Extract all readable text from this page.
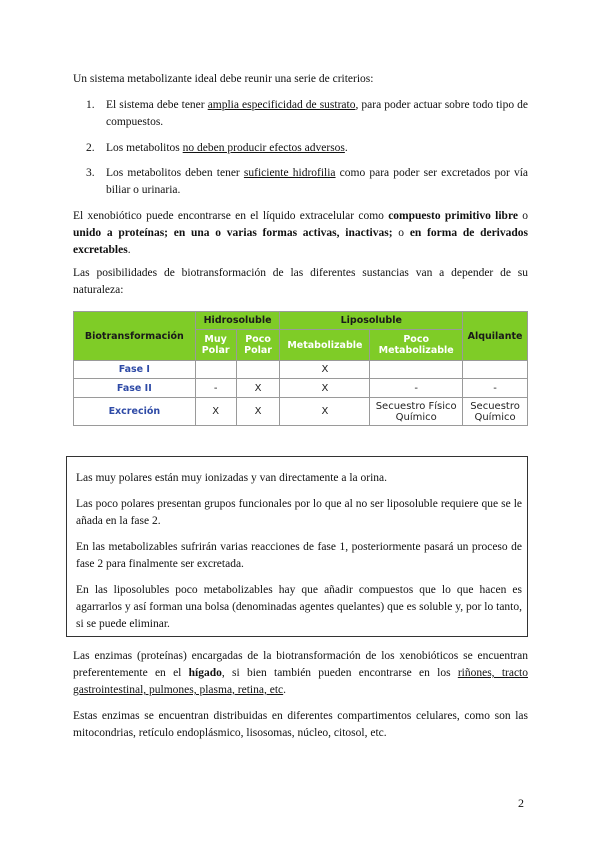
Un sistema metabolizante ideal debe reunir una serie de criterios:

1. El sistema debe tener amplia especificidad de sustrato, para poder actuar sobre todo tipo de compuestos.
2. Los metabolitos no deben producir efectos adversos.
3. Los metabolitos deben tener suficiente hidrofilia como para poder ser excretados por vía biliar o urinaria.

El xenobiótico puede encontrarse en el líquido extracelular como compuesto primitivo libre o unido a proteínas; en una o varias formas activas, inactivas; o en forma de derivados excretables.

Las posibilidades de biotransformación de las diferentes sustancias van a depender de su naturaleza:

Biotransformación	Hidrosoluble		Liposoluble		Alquilante
	Muy Polar	Poco Polar	Metabolizable	Poco Metabolizable	
Fase I			X		
Fase II	-	X	X	-	-
Excreción	X	X	X	Secuestro Físico Químico	Secuestro Químico

Las muy polares están muy ionizadas y van directamente a la orina.

Las poco polares presentan grupos funcionales por lo que al no ser liposoluble requiere que se le añada en la fase 2.

En las metabolizables sufrirán varias reacciones de fase 1, posteriormente pasará un proceso de fase 2 para finalmente ser excretada.

En las liposolubles poco metabolizables hay que añadir compuestos que lo que hacen es agarrarlos y así forman una bolsa (denominadas agentes quelantes) que es soluble y, por lo tanto, si se puede eliminar.

Las enzimas (proteínas) encargadas de la biotransformación de los xenobióticos se encuentran preferentemente en el hígado, si bien también pueden encontrarse en los riñones, tracto gastrointestinal, pulmones, plasma, retina, etc.

Estas enzimas se encuentran distribuidas en diferentes compartimentos celulares, como son las mitocondrias, retículo endoplásmico, lisosomas, núcleo, citosol, etc.

2
